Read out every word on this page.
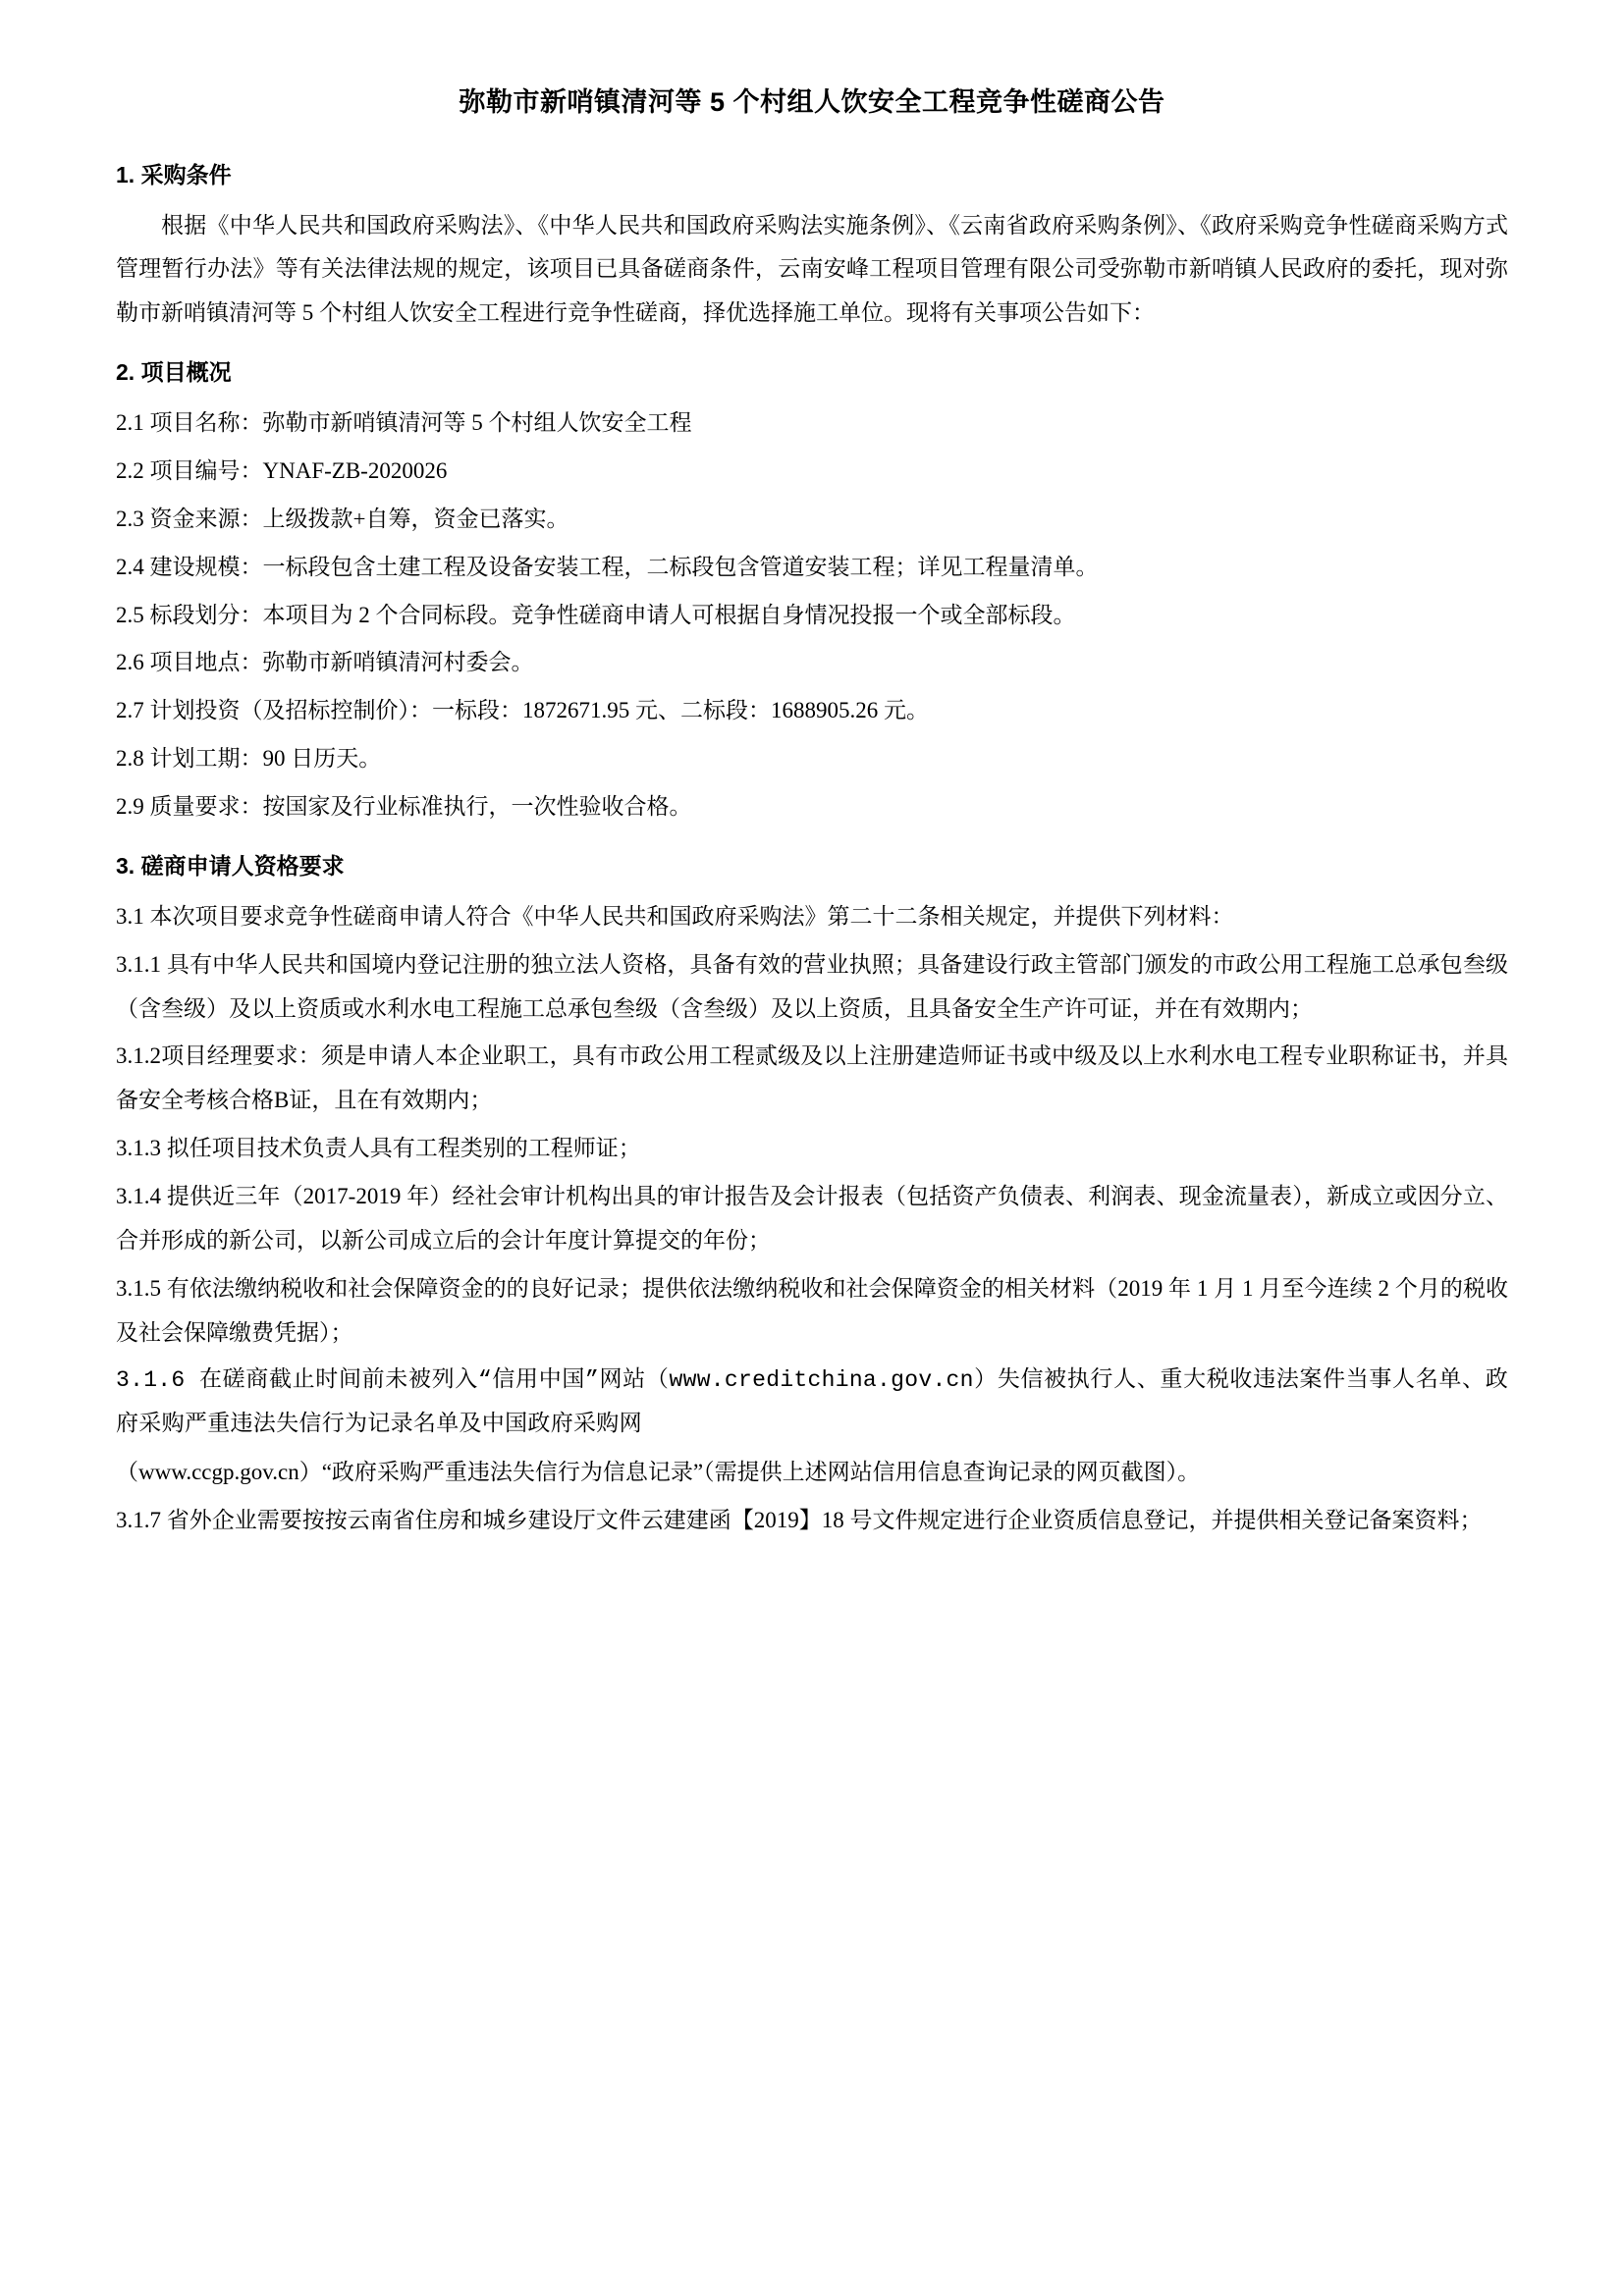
弥勒市新哨镇清河等 5 个村组人饮安全工程竞争性磋商公告
1. 采购条件

根据《中华人民共和国政府采购法》、《中华人民共和国政府采购法实施条例》、《云南省政府采购条例》、《政府采购竞争性磋商采购方式管理暂行办法》等有关法律法规的规定，该项目已具备磋商条件，云南安峰工程项目管理有限公司受弥勒市新哨镇人民政府的委托，现对弥勒市新哨镇清河等 5 个村组人饮安全工程进行竞争性磋商，择优选择施工单位。现将有关事项公告如下：

2. 项目概况

2.1 项目名称：弥勒市新哨镇清河等 5 个村组人饮安全工程

2.2 项目编号：YNAF-ZB-2020026

2.3 资金来源：上级拨款+自筹，资金已落实。

2.4 建设规模：一标段包含土建工程及设备安装工程，二标段包含管道安装工程；详见工程量清单。

2.5 标段划分：本项目为 2 个合同标段。竞争性磋商申请人可根据自身情况投报一个或全部标段。

2.6 项目地点：弥勒市新哨镇清河村委会。

2.7 计划投资（及招标控制价）：一标段：1872671.95 元、二标段：1688905.26 元。

2.8 计划工期：90 日历天。

2.9 质量要求：按国家及行业标准执行，一次性验收合格。

3. 磋商申请人资格要求

3.1 本次项目要求竞争性磋商申请人符合《中华人民共和国政府采购法》第二十二条相关规定，并提供下列材料：

3.1.1 具有中华人民共和国境内登记注册的独立法人资格，具备有效的营业执照；具备建设行政主管部门颁发的市政公用工程施工总承包叁级（含叁级）及以上资质或水利水电工程施工总承包叁级（含叁级）及以上资质，且具备安全生产许可证，并在有效期内；

3.1.2项目经理要求：须是申请人本企业职工，具有市政公用工程贰级及以上注册建造师证书或中级及以上水利水电工程专业职称证书，并具备安全考核合格B证，且在有效期内；

3.1.3 拟任项目技术负责人具有工程类别的工程师证；

3.1.4 提供近三年（2017-2019 年）经社会审计机构出具的审计报告及会计报表（包括资产负债表、利润表、现金流量表），新成立或因分立、合并形成的新公司，以新公司成立后的会计年度计算提交的年份；

3.1.5 有依法缴纳税收和社会保障资金的的良好记录；提供依法缴纳税收和社会保障资金的相关材料（2019 年 1 月 1 月至今连续 2 个月的税收及社会保障缴费凭据）；

3.1.6 在磋商截止时间前未被列入“信用中国”网站（www.creditchina.gov.cn）失信被执行人、重大税收违法案件当事人名单、政府采购严重违法失信行为记录名单及中国政府采购网

（www.ccgp.gov.cn）“政府采购严重违法失信行为信息记录”（需提供上述网站信用信息查询记录的网页截图）。

3.1.7 省外企业需要按按云南省住房和城乡建设厅文件云建建函【2019】18 号文件规定进行企业资质信息登记，并提供相关登记备案资料；
